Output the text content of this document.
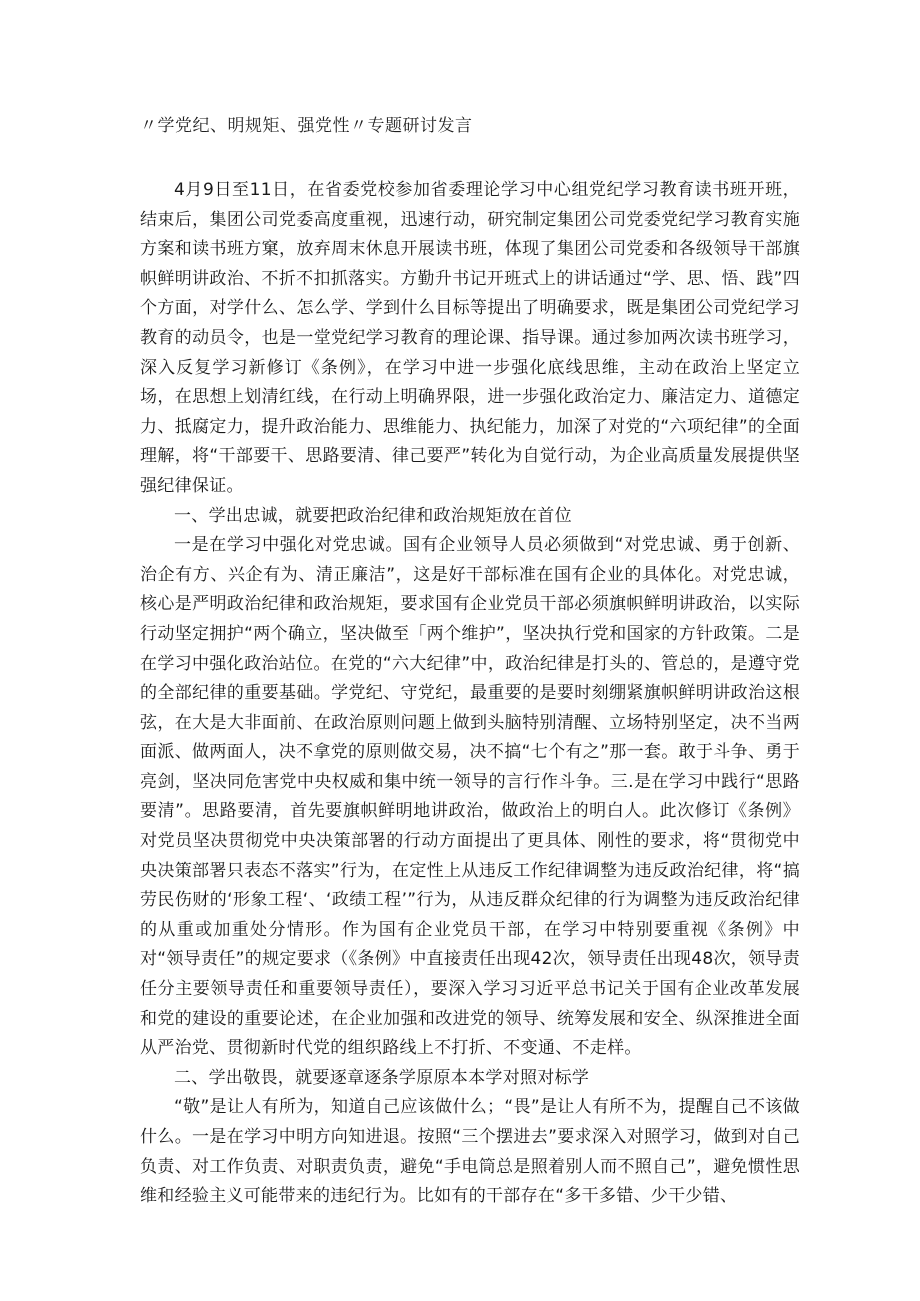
〃学党纪、明规矩、强党性〃专题研讨发言

4月9日至11日，在省委党校参加省委理论学习中心组党纪学习教育读书班开班，结束后，集团公司党委高度重视，迅速行动，研究制定集团公司党委党纪学习教育实施方案和读书班方窠，放弃周末休息开展读书班，体现了集团公司党委和各级领导干部旗帜鲜明讲政治、不折不扣抓落实。方勤升书记开班式上的讲话通过“学、思、悟、践”四个方面，对学什么、怎么学、学到什么目标等提出了明确要求，既是集团公司党纪学习教育的动员令，也是一堂党纪学习教育的理论课、指导课。通过参加两次读书班学习，深入反复学习新修订《条例》，在学习中进一步强化底线思维，主动在政治上坚定立场，在思想上划清红线，在行动上明确界限，进一步强化政治定力、廉洁定力、道德定力、抵腐定力，提升政治能力、思维能力、执纪能力，加深了对党的“六项纪律”的全面理解，将“干部要干、思路要清、律己要严”转化为自觉行动，为企业高质量发展提供坚强纪律保证。

一、学出忠诚，就要把政治纪律和政治规矩放在首位

一是在学习中强化对党忠诚。国有企业领导人员必须做到“对党忠诚、勇于创新、治企有方、兴企有为、清正廉洁”，这是好干部标准在国有企业的具体化。对党忠诚，核心是严明政治纪律和政治规矩，要求国有企业党员干部必须旗帜鲜明讲政治，以实际行动坚定拥护“两个确立，坚决做至「两个维护”，坚决执行党和国家的方针政策。二是在学习中强化政治站位。在党的“六大纪律”中，政治纪律是打头的、管总的，是遵守党的全部纪律的重要基础。学党纪、守党纪，最重要的是要时刻绷紧旗帜鲜明讲政治这根弦，在大是大非面前、在政治原则问题上做到头脑特别清醒、立场特别坚定，决不当两面派、做两面人，决不拿党的原则做交易，决不搞“七个有之”那一套。敢于斗争、勇于亮剑，坚决同危害党中央权威和集中统一领导的言行作斗争。三.是在学习中践行“思路要清”。思路要清，首先要旗帜鲜明地讲政治，做政治上的明白人。此次修订《条例》对党员坚决贯彻党中央决策部署的行动方面提出了更具体、刚性的要求，将“贯彻党中央决策部署只表态不落实”行为，在定性上从违反工作纪律调整为违反政治纪律，将“搞劳民伤财的‘形象工程‘、‘政绩工程’”行为，从违反群众纪律的行为调整为违反政治纪律的从重或加重处分情形。作为国有企业党员干部，在学习中特别要重视《条例》中对“领导责任”的规定要求（《条例》中直接责任出现42次，领导责任出现48次，领导责任分主要领导责任和重要领导责任），要深入学习习近平总书记关于国有企业改革发展和党的建设的重要论述，在企业加强和改进党的领导、统筹发展和安全、纵深推进全面从严治党、贯彻新时代党的组织路线上不打折、不变通、不走样。

二、学出敬畏，就要逐章逐条学原原本本学对照对标学

“敬”是让人有所为，知道自己应该做什么；“畏”是让人有所不为，提醒自己不该做什么。一是在学习中明方向知进退。按照“三个摆进去”要求深入对照学习，做到对自己负责、对工作负责、对职责负责，避免“手电筒总是照着别人而不照自己”，避免惯性思维和经验主义可能带来的违纪行为。比如有的干部存在“多干多错、少干少错、
